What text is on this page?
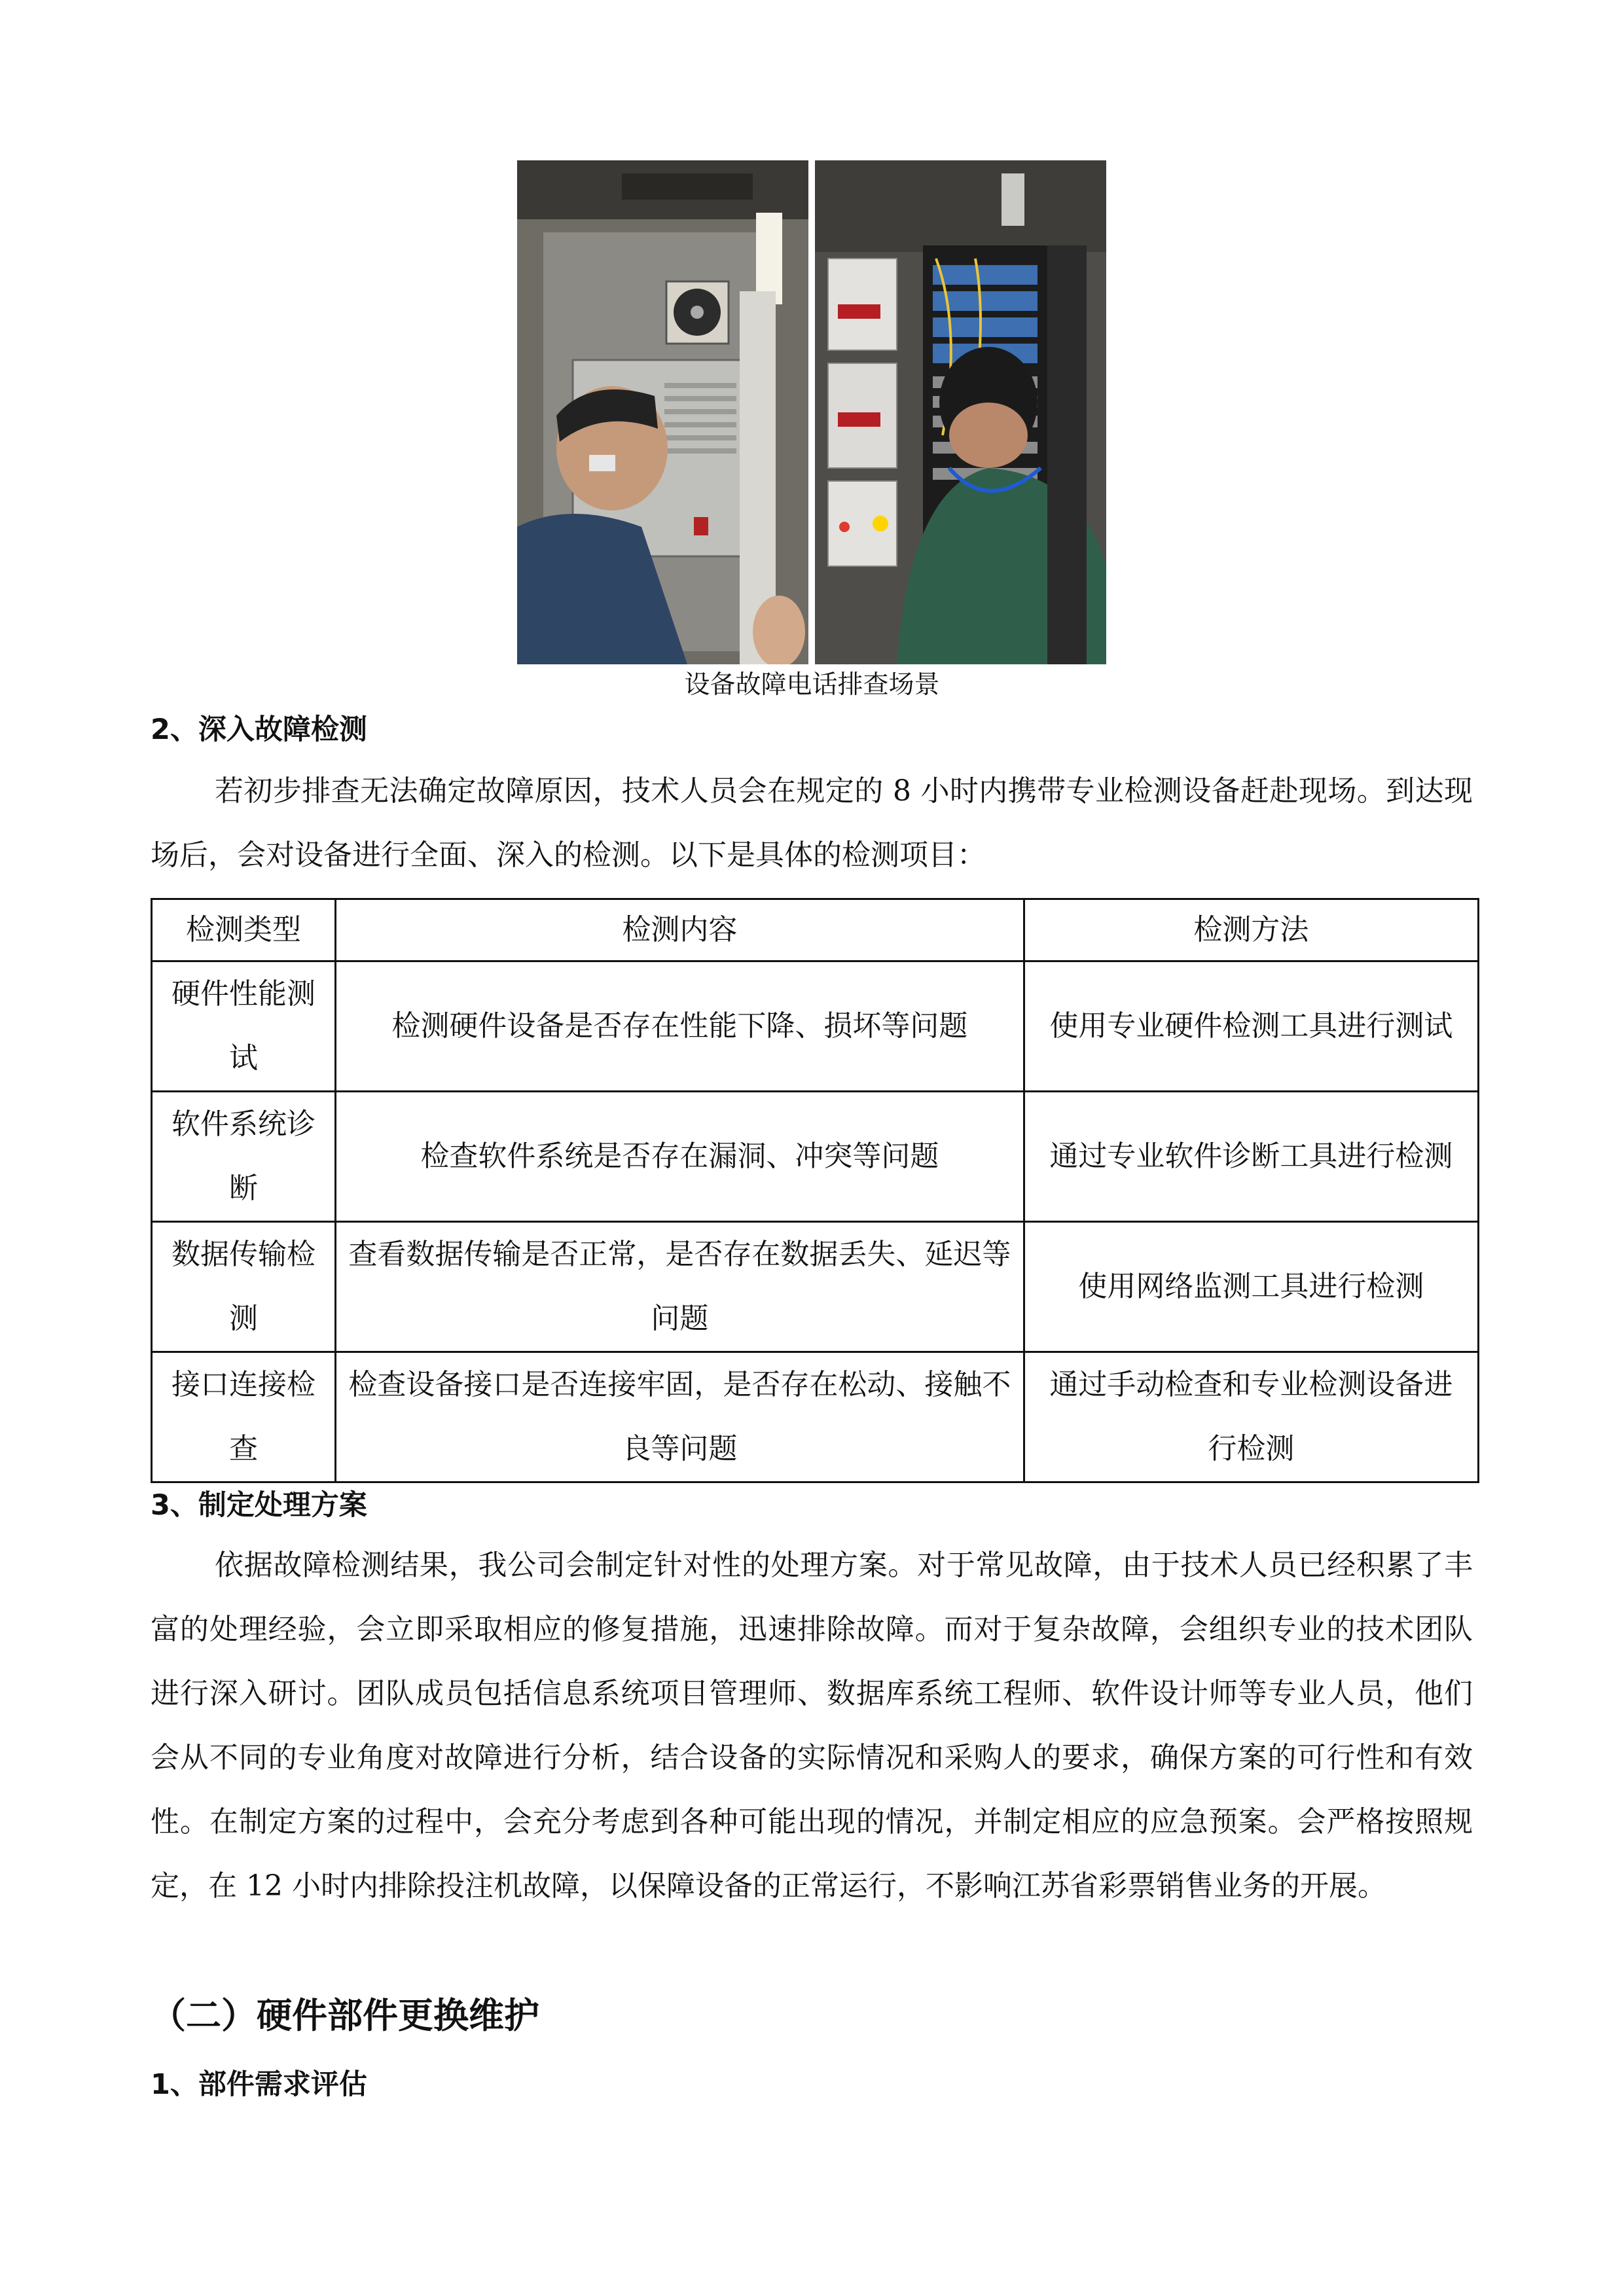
设备故障电话排查场景
2、深入故障检测

若初步排查无法确定故障原因，技术人员会在规定的 8 小时内携带专业检测设备赶赴现场。到达现场后，会对设备进行全面、深入的检测。以下是具体的检测项目：

检测类型	检测内容	检测方法
硬件性能测试	检测硬件设备是否存在性能下降、损坏等问题	使用专业硬件检测工具进行测试
软件系统诊断	检查软件系统是否存在漏洞、冲突等问题	通过专业软件诊断工具进行检测
数据传输检测	查看数据传输是否正常，是否存在数据丢失、延迟等问题	使用网络监测工具进行检测
接口连接检查	检查设备接口是否连接牢固，是否存在松动、接触不良等问题	通过手动检查和专业检测设备进行检测
3、制定处理方案

依据故障检测结果，我公司会制定针对性的处理方案。对于常见故障，由于技术人员已经积累了丰富的处理经验，会立即采取相应的修复措施，迅速排除故障。而对于复杂故障，会组织专业的技术团队进行深入研讨。团队成员包括信息系统项目管理师、数据库系统工程师、软件设计师等专业人员，他们会从不同的专业角度对故障进行分析，结合设备的实际情况和采购人的要求，确保方案的可行性和有效性。在制定方案的过程中，会充分考虑到各种可能出现的情况，并制定相应的应急预案。会严格按照规定，在 12 小时内排除投注机故障，以保障设备的正常运行，不影响江苏省彩票销售业务的开展。

（二）硬件部件更换维护
1、部件需求评估
